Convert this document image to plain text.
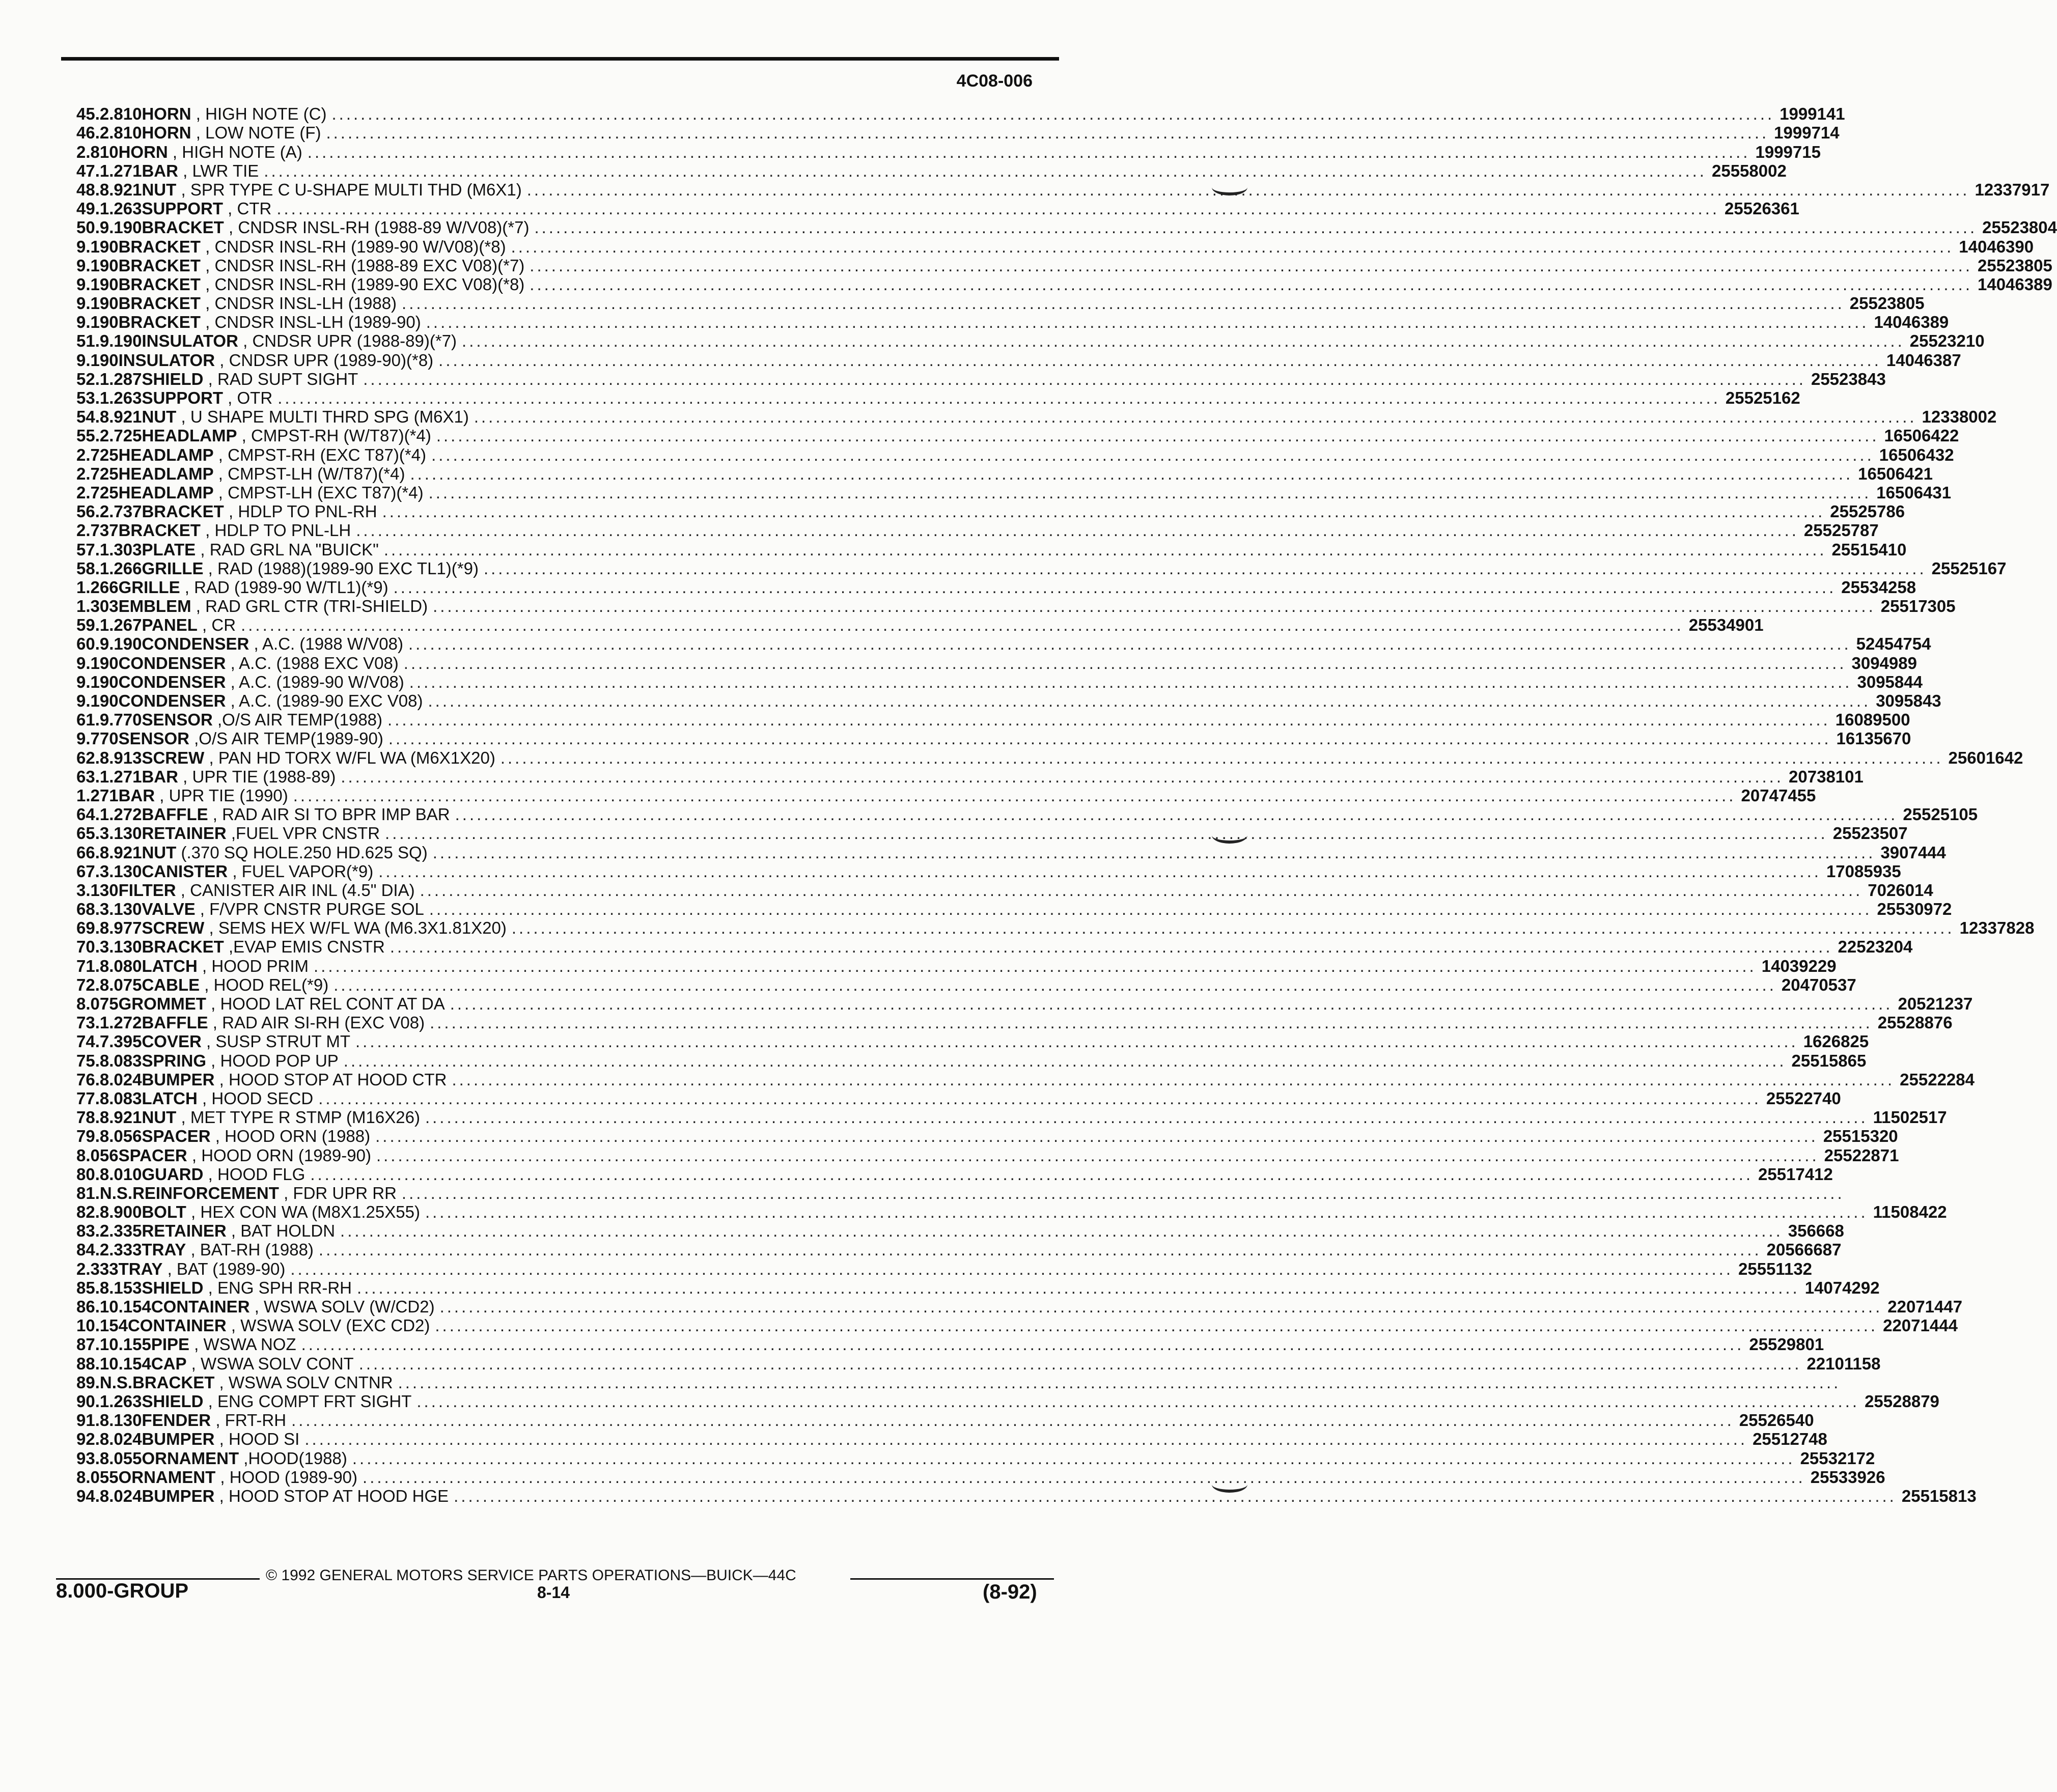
4C08-006
45. 2.810 HORN , HIGH NOTE (C) ........................................................................................................................................................................................................ 1999141
46. 2.810 HORN , LOW NOTE (F) ........................................................................................................................................................................................................ 1999714
2.810 HORN , HIGH NOTE (A) ........................................................................................................................................................................................................ 1999715
47. 1.271 BAR , LWR TIE ........................................................................................................................................................................................................ 25558002
48. 8.921 NUT , SPR TYPE C U-SHAPE MULTI THD (M6X1) ........................................................................................................................................................................................................ 12337917
49. 1.263 SUPPORT , CTR ........................................................................................................................................................................................................ 25526361
50. 9.190 BRACKET , CNDSR INSL-RH (1988-89 W/V08)(*7) ........................................................................................................................................................................................................ 25523804
9.190 BRACKET , CNDSR INSL-RH (1989-90 W/V08)(*8) ........................................................................................................................................................................................................ 14046390
9.190 BRACKET , CNDSR INSL-RH (1988-89 EXC V08)(*7) ........................................................................................................................................................................................................ 25523805
9.190 BRACKET , CNDSR INSL-RH (1989-90 EXC V08)(*8) ........................................................................................................................................................................................................ 14046389
9.190 BRACKET , CNDSR INSL-LH (1988) ........................................................................................................................................................................................................ 25523805
9.190 BRACKET , CNDSR INSL-LH (1989-90) ........................................................................................................................................................................................................ 14046389
51. 9.190 INSULATOR , CNDSR UPR (1988-89)(*7) ........................................................................................................................................................................................................ 25523210
9.190 INSULATOR , CNDSR UPR (1989-90)(*8) ........................................................................................................................................................................................................ 14046387
52. 1.287 SHIELD , RAD SUPT SIGHT ........................................................................................................................................................................................................ 25523843
53. 1.263 SUPPORT , OTR ........................................................................................................................................................................................................ 25525162
54. 8.921 NUT , U SHAPE MULTI THRD SPG (M6X1) ........................................................................................................................................................................................................ 12338002
55. 2.725 HEADLAMP , CMPST-RH (W/T87)(*4) ........................................................................................................................................................................................................ 16506422
2.725 HEADLAMP , CMPST-RH (EXC T87)(*4) ........................................................................................................................................................................................................ 16506432
2.725 HEADLAMP , CMPST-LH (W/T87)(*4) ........................................................................................................................................................................................................ 16506421
2.725 HEADLAMP , CMPST-LH (EXC T87)(*4) ........................................................................................................................................................................................................ 16506431
56. 2.737 BRACKET , HDLP TO PNL-RH ........................................................................................................................................................................................................ 25525786
2.737 BRACKET , HDLP TO PNL-LH ........................................................................................................................................................................................................ 25525787
57. 1.303 PLATE , RAD GRL NA "BUICK" ........................................................................................................................................................................................................ 25515410
58. 1.266 GRILLE , RAD (1988)(1989-90 EXC TL1)(*9) ........................................................................................................................................................................................................ 25525167
1.266 GRILLE , RAD (1989-90 W/TL1)(*9) ........................................................................................................................................................................................................ 25534258
1.303 EMBLEM , RAD GRL CTR (TRI-SHIELD) ........................................................................................................................................................................................................ 25517305
59. 1.267 PANEL , CR ........................................................................................................................................................................................................ 25534901
60. 9.190 CONDENSER , A.C. (1988 W/V08) ........................................................................................................................................................................................................ 52454754
9.190 CONDENSER , A.C. (1988 EXC V08) ........................................................................................................................................................................................................ 3094989
9.190 CONDENSER , A.C. (1989-90 W/V08) ........................................................................................................................................................................................................ 3095844
9.190 CONDENSER , A.C. (1989-90 EXC V08) ........................................................................................................................................................................................................ 3095843
61. 9.770 SENSOR ,O/S AIR TEMP(1988) ........................................................................................................................................................................................................ 16089500
9.770 SENSOR ,O/S AIR TEMP(1989-90) ........................................................................................................................................................................................................ 16135670
62. 8.913 SCREW , PAN HD TORX W/FL WA (M6X1X20) ........................................................................................................................................................................................................ 25601642
63. 1.271 BAR , UPR TIE (1988-89) ........................................................................................................................................................................................................ 20738101
1.271 BAR , UPR TIE (1990) ........................................................................................................................................................................................................ 20747455
64. 1.272 BAFFLE , RAD AIR SI TO BPR IMP BAR ........................................................................................................................................................................................................ 25525105
65. 3.130 RETAINER ,FUEL VPR CNSTR ........................................................................................................................................................................................................ 25523507
66. 8.921 NUT (.370 SQ HOLE.250 HD.625 SQ) ........................................................................................................................................................................................................ 3907444
67. 3.130 CANISTER , FUEL VAPOR(*9) ........................................................................................................................................................................................................ 17085935
3.130 FILTER , CANISTER AIR INL (4.5" DIA) ........................................................................................................................................................................................................ 7026014
68. 3.130 VALVE , F/VPR CNSTR PURGE SOL ........................................................................................................................................................................................................ 25530972
69. 8.977 SCREW , SEMS HEX W/FL WA (M6.3X1.81X20) ........................................................................................................................................................................................................ 12337828
70. 3.130 BRACKET ,EVAP EMIS CNSTR ........................................................................................................................................................................................................ 22523204
71. 8.080 LATCH , HOOD PRIM ........................................................................................................................................................................................................ 14039229
72. 8.075 CABLE , HOOD REL(*9) ........................................................................................................................................................................................................ 20470537
8.075 GROMMET , HOOD LAT REL CONT AT DA ........................................................................................................................................................................................................ 20521237
73. 1.272 BAFFLE , RAD AIR SI-RH (EXC V08) ........................................................................................................................................................................................................ 25528876
74. 7.395 COVER , SUSP STRUT MT ........................................................................................................................................................................................................ 1626825
75. 8.083 SPRING , HOOD POP UP ........................................................................................................................................................................................................ 25515865
76. 8.024 BUMPER , HOOD STOP AT HOOD CTR ........................................................................................................................................................................................................ 25522284
77. 8.083 LATCH , HOOD SECD ........................................................................................................................................................................................................ 25522740
78. 8.921 NUT , MET TYPE R STMP (M16X26) ........................................................................................................................................................................................................ 11502517
79. 8.056 SPACER , HOOD ORN (1988) ........................................................................................................................................................................................................ 25515320
8.056 SPACER , HOOD ORN (1989-90) ........................................................................................................................................................................................................ 25522871
80. 8.010 GUARD , HOOD FLG ........................................................................................................................................................................................................ 25517412
81. N.S. REINFORCEMENT , FDR UPR RR ........................................................................................................................................................................................................
82. 8.900 BOLT , HEX CON WA (M8X1.25X55) ........................................................................................................................................................................................................ 11508422
83. 2.335 RETAINER , BAT HOLDN ........................................................................................................................................................................................................ 356668
84. 2.333 TRAY , BAT-RH (1988) ........................................................................................................................................................................................................ 20566687
2.333 TRAY , BAT (1989-90) ........................................................................................................................................................................................................ 25551132
85. 8.153 SHIELD , ENG SPH RR-RH ........................................................................................................................................................................................................ 14074292
86. 10.154 CONTAINER , WSWA SOLV (W/CD2) ........................................................................................................................................................................................................ 22071447
10.154 CONTAINER , WSWA SOLV (EXC CD2) ........................................................................................................................................................................................................ 22071444
87. 10.155 PIPE , WSWA NOZ ........................................................................................................................................................................................................ 25529801
88. 10.154 CAP , WSWA SOLV CONT ........................................................................................................................................................................................................ 22101158
89. N.S. BRACKET , WSWA SOLV CNTNR ........................................................................................................................................................................................................
90. 1.263 SHIELD , ENG COMPT FRT SIGHT ........................................................................................................................................................................................................ 25528879
91. 8.130 FENDER , FRT-RH ........................................................................................................................................................................................................ 25526540
92. 8.024 BUMPER , HOOD SI ........................................................................................................................................................................................................ 25512748
93. 8.055 ORNAMENT ,HOOD(1988) ........................................................................................................................................................................................................ 25532172
8.055 ORNAMENT , HOOD (1989-90) ........................................................................................................................................................................................................ 25533926
94. 8.024 BUMPER , HOOD STOP AT HOOD HGE ........................................................................................................................................................................................................ 25515813
© 1992 GENERAL MOTORS SERVICE PARTS OPERATIONS—BUICK—44C
8.000-GROUP	8-14	(8-92)
